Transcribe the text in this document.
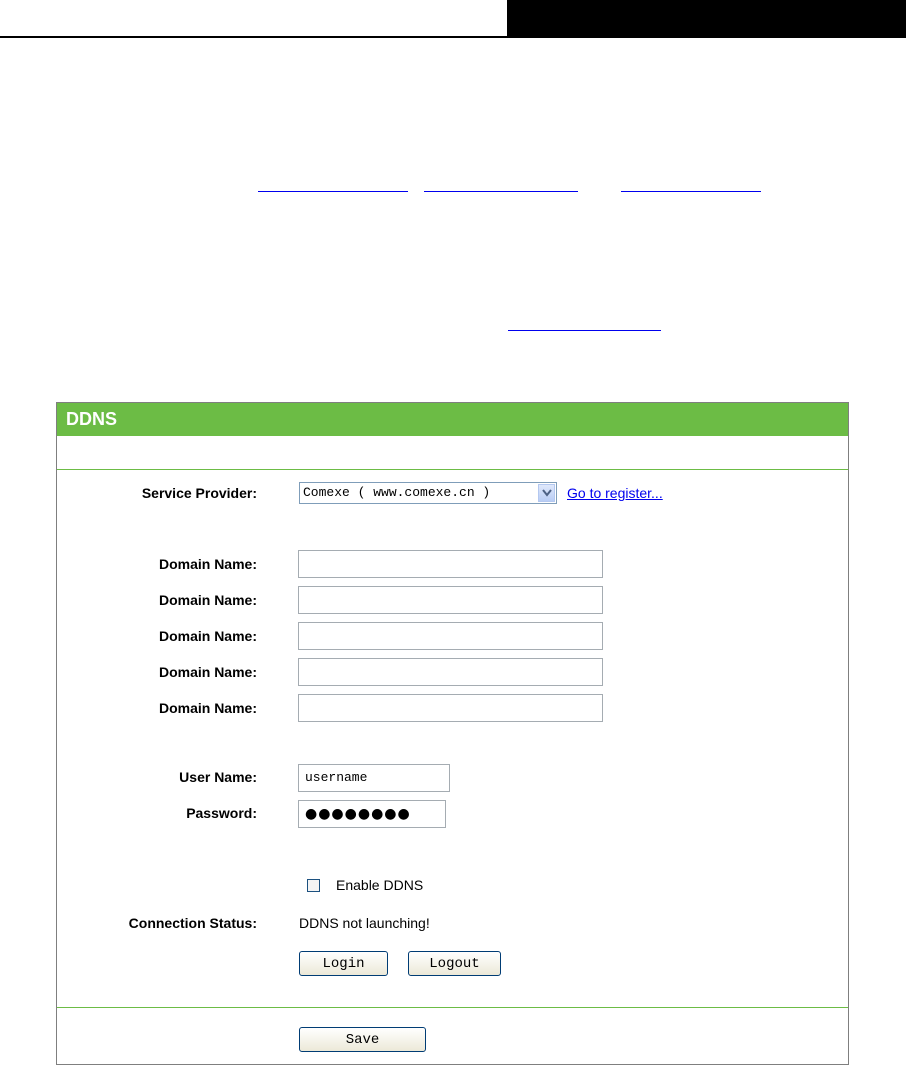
DDNS
Service Provider:	Comexe ( www.comexe.cn )	Go to register...
Domain Name:
Domain Name:
Domain Name:
Domain Name:
Domain Name:
User Name:	username
Password:	●●●●●●●●
Enable DDNS
Connection Status:	DDNS not launching!
Login	Logout
Save
